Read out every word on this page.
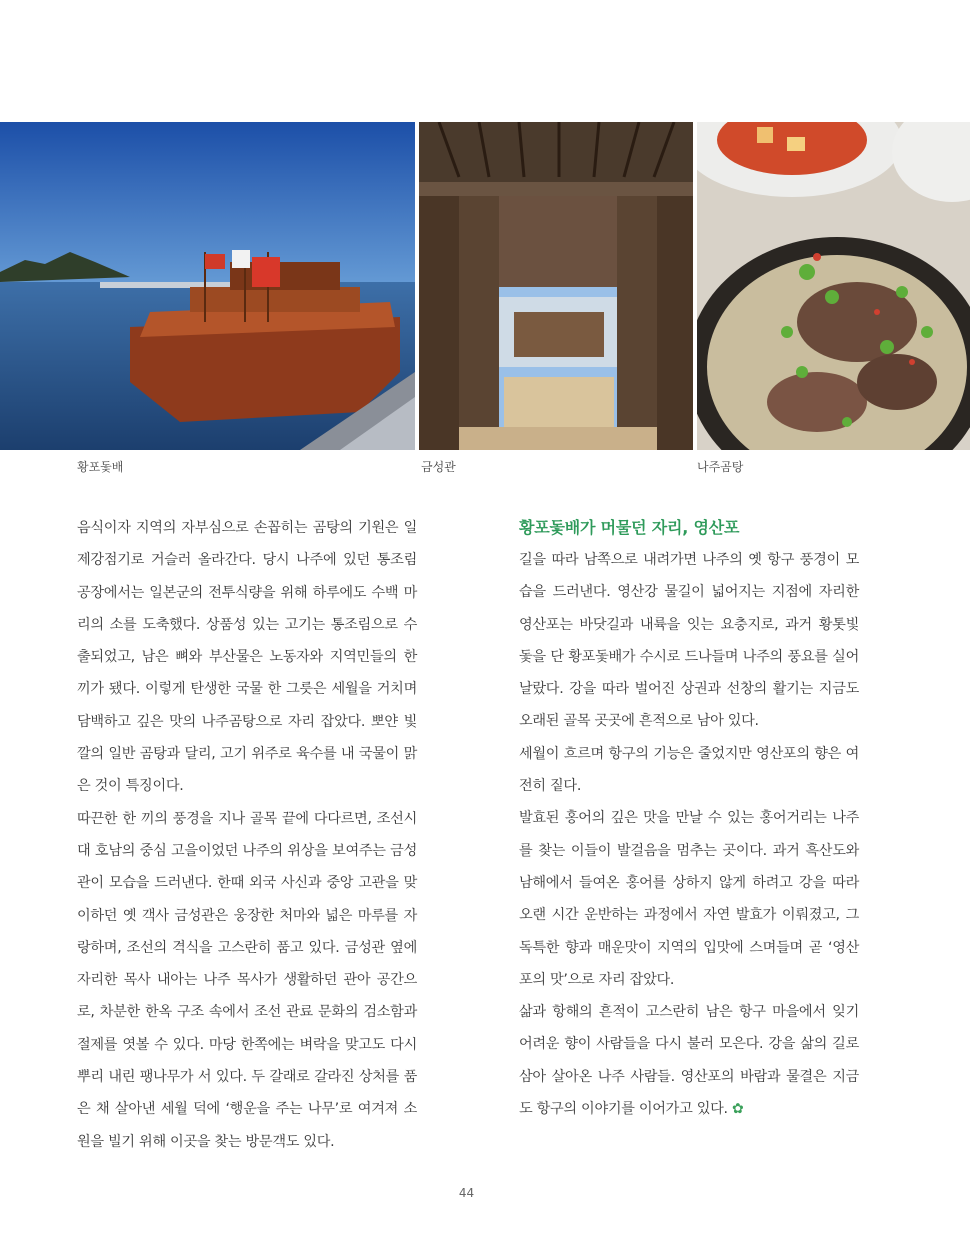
황포돛배	금성관	나주곰탕

음식이자 지역의 자부심으로 손꼽히는 곰탕의 기원은 일제강점기로 거슬러 올라간다. 당시 나주에 있던 통조림 공장에서는 일본군의 전투식량을 위해 하루에도 수백 마리의 소를 도축했다. 상품성 있는 고기는 통조림으로 수출되었고, 남은 뼈와 부산물은 노동자와 지역민들의 한 끼가 됐다. 이렇게 탄생한 국물 한 그릇은 세월을 거치며 담백하고 깊은 맛의 나주곰탕으로 자리 잡았다. 뽀얀 빛깔의 일반 곰탕과 달리, 고기 위주로 육수를 내 국물이 맑은 것이 특징이다.

따끈한 한 끼의 풍경을 지나 골목 끝에 다다르면, 조선시대 호남의 중심 고을이었던 나주의 위상을 보여주는 금성관이 모습을 드러낸다. 한때 외국 사신과 중앙 고관을 맞이하던 옛 객사 금성관은 웅장한 처마와 넓은 마루를 자랑하며, 조선의 격식을 고스란히 품고 있다. 금성관 옆에 자리한 목사 내아는 나주 목사가 생활하던 관아 공간으로, 차분한 한옥 구조 속에서 조선 관료 문화의 검소함과 절제를 엿볼 수 있다. 마당 한쪽에는 벼락을 맞고도 다시 뿌리 내린 팽나무가 서 있다. 두 갈래로 갈라진 상처를 품은 채 살아낸 세월 덕에 ‘행운을 주는 나무’로 여겨져 소원을 빌기 위해 이곳을 찾는 방문객도 있다.

황포돛배가 머물던 자리, 영산포

길을 따라 남쪽으로 내려가면 나주의 옛 항구 풍경이 모습을 드러낸다. 영산강 물길이 넓어지는 지점에 자리한 영산포는 바닷길과 내륙을 잇는 요충지로, 과거 황톳빛 돛을 단 황포돛배가 수시로 드나들며 나주의 풍요를 실어 날랐다. 강을 따라 벌어진 상권과 선창의 활기는 지금도 오래된 골목 곳곳에 흔적으로 남아 있다.

세월이 흐르며 항구의 기능은 줄었지만 영산포의 향은 여전히 짙다.

발효된 홍어의 깊은 맛을 만날 수 있는 홍어거리는 나주를 찾는 이들이 발걸음을 멈추는 곳이다. 과거 흑산도와 남해에서 들여온 홍어를 상하지 않게 하려고 강을 따라 오랜 시간 운반하는 과정에서 자연 발효가 이뤄졌고, 그 독특한 향과 매운맛이 지역의 입맛에 스며들며 곧 ‘영산포의 맛’으로 자리 잡았다.

삶과 항해의 흔적이 고스란히 남은 항구 마을에서 잊기 어려운 향이 사람들을 다시 불러 모은다. 강을 삶의 길로 삼아 살아온 나주 사람들. 영산포의 바람과 물결은 지금도 항구의 이야기를 이어가고 있다. ✿

44
